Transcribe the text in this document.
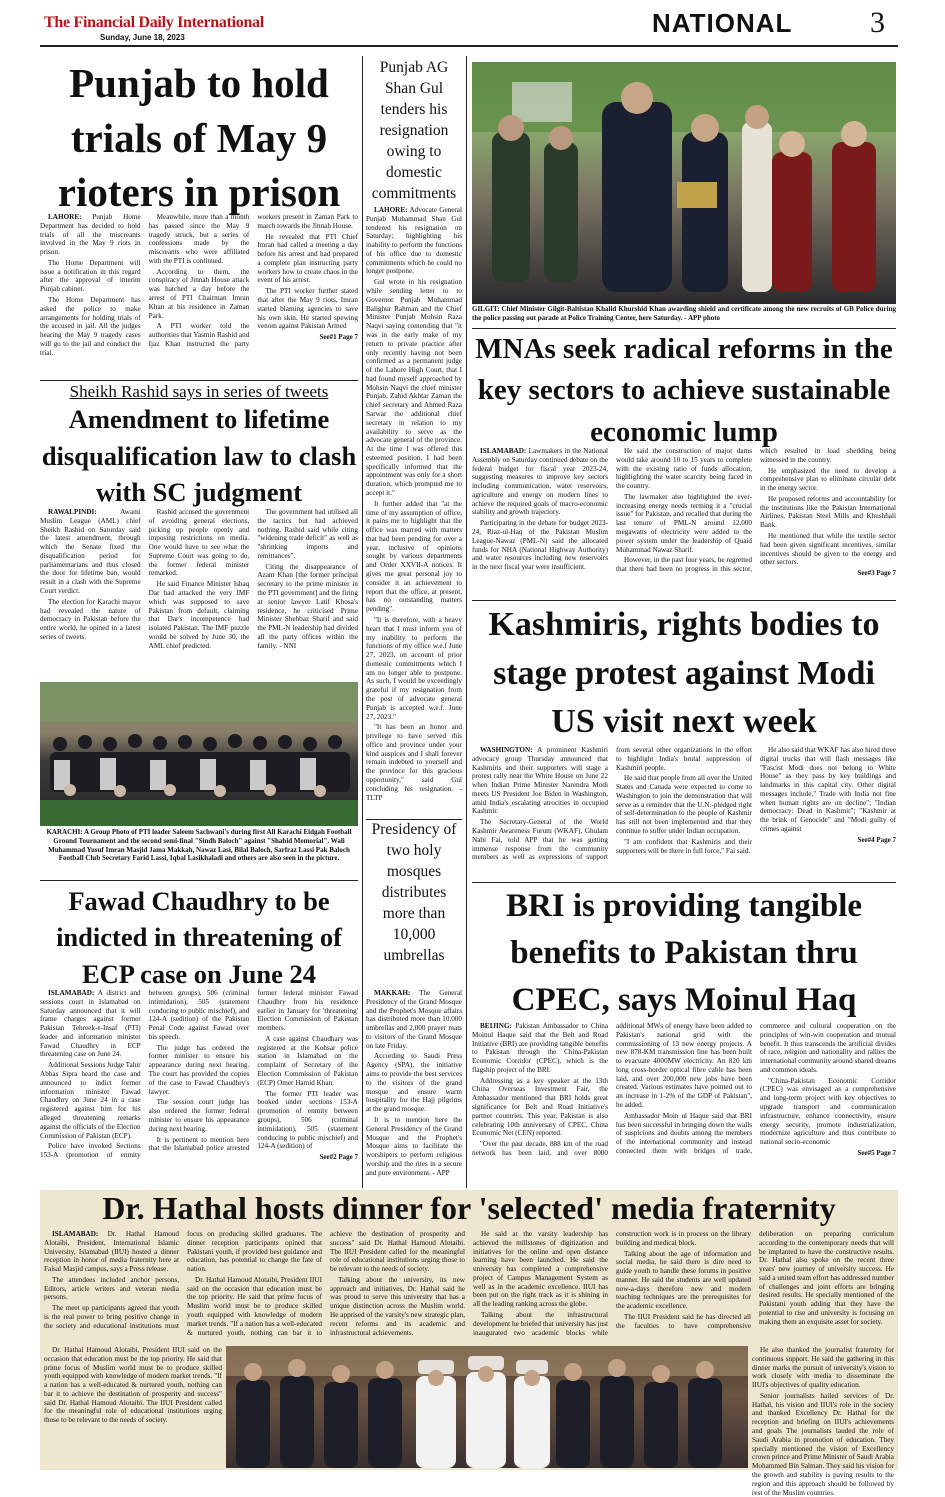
The Financial Daily International
Sunday, June 18, 2023	NATIONAL	3
Punjab to hold trials of May 9 rioters in prison

LAHORE: Punjab Home Department has decided to hold trials of all the miscreants involved in the May 9 riots in prison.

The Home Department will issue a notification in this regard after the approval of interim Punjab cabinet.

The Home Department has asked the police to make arrangements for holding trials of the accused in jail. All the judges hearing the May 9 tragedy cases will go to the jail and conduct the trial.

Meanwhile, more than a month has passed since the May 9 tragedy struck, but a series of confessions made by the miscreants who were affiliated with the PTI is continued.

According to them, the conspiracy of Jinnah House attack was hatched a day before the arrest of PTI Chairman Imran Khan at his residence in Zaman Park.

A PTI worker told the authorities that Yasmin Rashid and Ijaz Khan instructed the party workers present in Zaman Park to march towards the Jinnah House.

He revealed that PTI Chief Imran had called a meeting a day before his arrest and had prepared a complete plan instructing party workers how to create chaos in the event of his arrest.

The PTI worker further stated that after the May 9 riots, Imran started blaming agencies to save his own skin. He started spewing venom against Pakistan Armed

See#1 Page 7

Sheikh Rashid says in series of tweets
Amendment to lifetime disqualification law to clash with SC judgment

RAWALPINDI:	Awami Muslim League (AML) chief Sheikh Rashid on Saturday said the latest amendment, through which the Senate fixed the disqualification period for parliamentarians and thus closed the door for lifetime ban, would result in a clash with the Supreme Court verdict.

The election for Karachi mayor had revealed the nature of democracy in Pakistan before the entire world, he opined in a latest series of tweets.

Rashid accused the government of avoiding general elections, picking up people openly and imposing restrictions on media. One would have to see what the Supreme Court was going to do, the former federal minister remarked.

He said Finance Minister Ishaq Dar had attacked the very IMF which was supposed to save Pakistan from default, claiming that Dar's incompetence had isolated Pakistan. The IMF puzzle would be solved by June 30, the AML chief predicted.

The government had utilised all the tactics but had achieved nothing, Rashid said while citing "widening trade deficit" as well as "shrinking imports and remittances".

Citing the disappearance of Azam Khan [the former principal secretary to the prime minister in the PTI government] and the firing at senior lawyer Latif Khosa's residence, he criticised Prime Minister Shehbaz Sharif and said the PML-N leadership had divided all the party offices within the family. - NNI

KARACHI: A Group Photo of PTI leader Saleem Sachwani's during first All Karachi Eidgah Football Ground Tournament and the second semi-final "Sindh Baloch" against "Shahid Memorial". Wali Muhammad Yusuf Imran Masjid Jama Makkah, Nawaz Lasi, Bilal Baloch, Sarfraz Lassi Pak Baloch Football Club Secretary Farid Lassi, Iqbal Lasikhaladi and others are also seen in the picture.
Fawad Chaudhry to be indicted in threatening of ECP case on June 24

ISLAMABAD: A district and sessions court in Islamabad on Saturday announced that it will frame charges against former Pakistan Tehreek-e-Insaf (PTI) leader and information minister Fawad Chaudhry in ECP threatening case on June 24.

Additional Sessions Judge Tahir Abbas Sipra heard the case and announced to indict former information minister Fawad Chaudhry on June 24 in a case registered against him for his alleged threatening remarks against the officials of the Election Commission of Pakistan (ECP).

Police have invoked Sections 153-A (promotion of enmity between groups), 506 (criminal intimidation), 505 (statement conducing to public mischief), and 124-A (sedition) of the Pakistan Penal Code against Fawad over his speech.

The judge has ordered the former minister to ensure his appearance during next hearing. The court has provided the copies of the case to Fawad Chaudhry's lawyer.

The session court judge has also ordered the former federal minister to ensure his appearance during next hearing.

It is pertinent to mention here that the Islamabad police arrested former federal minister Fawad Chaudhry from his residence earlier in January for 'threatening' Election Commission of Pakistan members.

A case against Chaudhary was registered at the Kohsar police station in Islamabad on the complaint of Secretary of the Election Commission of Pakistan (ECP) Omer Hamid Khan.

The former PTI leader was booked under sections 153-A (promotion of enmity between groups), 506 (criminal intimidation), 505 (statement conducing to public mischief) and 124-A (sedition) of

See#2 Page 7

Punjab AG Shan Gul tenders his resignation owing to domestic commitments

LAHORE: Advocate General Punjab Muhammad Shan Gul tendered his resignation on Saturday; highlighting his inability to perform the functions of his office due to domestic commitments which he could no longer postpone.

Gul wrote in his resignation while sending letter to to Governor Punjab Muhammad Balighur Rahman and the Chief Minister Punjab Mohsin Raza Naqvi saying contending that "it was in the early make of my return to private practice after only recently having not been confirmed as a permanent judge of the Lahore High Court, that I had found myself approached by Mohsin Naqvi the chief minister Punjab, Zahid Akhtar Zaman the chief secretary and Ahmed Raza Sarwar the additional chief secretary in relation to my availability to serve as the advocate general of the province. At the time I was offered this esteemed position, I had been specifically informed that the appointment was only for a short duration, which prompted me to accept it."

It further added that "at the time of my assumption of office, it pains me to highlight that the office was marred with matters that had been pending for over a year, inclusive of opinions sought by various departments and Order XXVII-A notices. It gives me great personal joy to consider it an achievement to report that the office, at present, has no outstanding matters pending".

"It is therefore, with a heavy heart that I must inform you of my inability to perform the functions of my office w.e.f June 27, 2023, on account of prior domestic commitments which I am no longer able to postpone. As such, I would be exceedingly grateful if my resignation from the post of advocate general Punjab is accepted w.e.f. June 27, 2023."

"It has been an honor and privilege to have served this office and province under your kind auspices and I shall forever remain indebted to yourself and the province for this gracious opportunity," said Gul concluding his resignation. - TLTP

Presidency of two holy mosques distributes more than 10,000 umbrellas

MAKKAH: The General Presidency of the Grand Mosque and the Prophet's Mosque affairs has distributed more than 10,000 umbrellas and 2,000 prayer mats to visitors of the Grand Mosque on late Friday.

According to Saudi Press Agency (SPA), the initiative aims to provide the best services to the visitors of the grand mosque and ensure warm hospitality for the Hajj pilgrims at the grand mosque.

It is to mention here the General Presidency of the Grand Mosque and the Prophet's Mosque aims to facilitate the worshipers to perform religious worship and the rites in a secure and pure environment. - APP

GILGIT: Chief Minister Gilgit-Baltistan Khalid Khurshid Khan awarding shield and certificate among the new recruits of GB Police during the police passing out parade at Police Training Center, here Saturday. - APP photo
MNAs seek radical reforms in the key sectors to achieve sustainable economic lump

ISLAMABAD: Lawmakers in the National Assembly on Saturday continued debate on the federal budget for fiscal year 2023-24, suggesting measures to improve key sectors including communication, water reservoirs, agriculture and energy on modern lines to achieve the required goals of macro-economic stability and growth trajectory.

Participating in the debate for budget 2023-24, Riaz-ul-Haq of the Pakistan Muslim League-Nawaz (PML-N) said the allocated funds for NHA (National Highway Authority) and water resources including new reservoirs in the next fiscal year were insufficient.

He said the construction of major dams would take around 10 to 15 years to complete with the existing ratio of funds allocation, highlighting the water scarcity being faced in the country.

The lawmaker also highlighted the ever-increasing energy needs terming it a "crucial issue" for Pakistan, and recalled that during the last tenure of PML-N around 12,000 megawatts of electricity were added to the power system under the leadership of Quaid Muhammad Nawaz Sharif.

However, in the past four years, he regretted that there had been no progress in this sector, which resulted in load shedding being witnessed in the country.

He emphasized the need to develop a comprehensive plan to eliminate circular debt in the energy sector.

He proposed reforms and accountability for the institutions like the Pakistan International Airlines, Pakistan Steel Mills and Khushhali Bank.

He mentioned that while the textile sector had been given significant incentives, similar incentives should be given to the energy and other sectors.

See#3 Page 7

Kashmiris, rights bodies to stage protest against Modi US visit next week

WASHINGTON: A prominent Kashmiri advocacy group Thursday announced that Kashmiris and their supporters will stage a protest rally near the White House on June 22 when Indian Prime Minister Narendra Modi meets US President Joe Biden in Washington, amid India's escalating atrocities in occupied Kashmir.

The Secretary-General of the World Kashmir Awareness Forum (WKAF), Ghulam Nabi Fai, told APP that he was getting immense response from the community members as well as expressions of support from several other organizations in the effort to highlight India's brutal suppression of Kashmiri people.

He said that people from all over the United States and Canada were expected to come to Washington to join the demonstration that will serve as a reminder that the U.N.-pledged right of self-determination to the people of Kashmir has still not been implemented and that they continue to suffer under Indian occupation.

"I am confident that Kashmiris and their supporters will be there in full force," Fai said.

He also said that WKAF has also hired three digital trucks that will flash messages like "Fascist Modi does not belong to White House" as they pass by key buildings and landmarks in this capital city. Other digital messages include," Trade with India not fine when human rights are on decline"; "Indian democracy: Dead in Kashmir"; "Kashmir at the brink of Genocide" and "Modi guilty of crimes against

See#4 Page 7

BRI is providing tangible benefits to Pakistan thru CPEC, says Moinul Haq

BEIJING: Pakistan Ambassador to China Moinul Haque said that the Belt and Road Initiative (BRI) are providing tangible benefits to Pakistan through the China-Pakistan Economic Corridor (CPEC), which is the flagship project of the BRI.

Addressing as a key speaker at the 13th China Overseas Investment Fair, the Ambassador mentioned that BRI holds great significance for Belt and Road Initiative's partner countries. This year, Pakistan is also celebrating 10th anniversary of CPEC, China Economic Net (CEN) reported.

"Over the past decade, 888 km of the road network has been laid, and over 8000 additional MWs of energy have been added to Pakistan's national grid with the commissioning of 13 new energy projects. A new 878-KM transmission line has been built to evacuate 4000MW electricity. An 820 km long cross-border optical fibre cable has been laid, and over 200,000 new jobs have been created. Various estimates have pointed out to an increase in 1-2% of the GDP of Pakistan", he added.

Ambassador Moin ul Haque said that BRI has been successful in bringing down the walls of suspicions and doubts among the members of the international community and instead connected them with bridges of trade, commerce and cultural cooperation on the principles of win-win cooperation and mutual benefit. It thus transcends the artificial divides of race, religion and nationality and rallies the international community around shared dreams and common ideals.

"China-Pakistan Economic Corridor (CPEC) was envisaged as a comprehensive and long-term project with key objectives to upgrade transport and communication infrastructure, enhance connectivity, ensure energy security, promote industrialization, modernize agriculture and thus contribute to national socio-economic

See#5 Page 7

Dr. Hathal hosts dinner for 'selected' media fraternity

ISLAMABAD: Dr. Hathal Hamoud Alotaibi, President, International Islamic University, Islamabad (IIUI) hosted a dinner reception in honor of media fraternity here at Faisal Masjid campus, says a Press release.

The attendees included anchor persons, Editors, article writers and veteran media persons.

The meet up participants agreed that youth is the real power to bring positive change in the society and educational institutions must focus on producing skilled graduates. The dinner reception participants opined that Pakistani youth, if provided best guidance and education, has potential to change the fate of nation.

Dr. Hathal Hamoud Alotaibi, President IIUI said on the occasion that education must be the top priority. He said that prime focus of Muslim world must be to produce skilled youth equipped with knowledge of modern market trends. "If a nation has a well-educated & nurtured youth, nothing can bar it to achieve the destination of prosperity and success" said Dr. Hathal Hamoud Alotaibi. The IIUI President called for the meaningful role of educational institutions urging those to be relevant to the needs of society.

Talking about the university, its new approach and initiatives, Dr. Hathal said he was proud to serve this university that has a unique distinction across the Muslim world. He apprised of the varsity's new strategic plan, recent reforms and its academic and infrastructural achievements.

He said at the varsity leadership has achieved the millstones of digitization and initiatives for the online and open distance learning have been launched. He said the university has completed a comprehensive project of Campus Management System as well as in the academic excellence, IIUI has been put on the right track as it is shining in all the leading ranking across the globe.

Talking about the infrastructural development he briefed that university has just inaugurated two academic blocks while construction work is in process on the library building and medical block.

Talking about the age of information and social media, he said there is dire need to guide youth to handle these forums in positive manner. He said the students are well updated now-a-days therefore new and modern teaching techniques are the prerequisites for the academic excellence.

The IIUI President said he has directed all the faculties to have comprehensive deliberation on preparing curriculum according to the contemporary needs that will be implanted to have the constructive results. Dr. Hathal also spoke on the recent three years' new journey of university success. He said a united team effort has addressed number of challenges and joint efforts are bringing desired results. He specially mentioned of the Pakistani youth adding that they have the potential to rise and university is focusing on making them an exquisite asset for society.

Dr. Hathal Hamoud Alotaibi, President IIUI said on the occasion that education must be the top priority. He said that prime focus of Muslim world must be to produce skilled youth equipped with knowledge of modern market trends. "If a nation has a well-educated & nurtured youth, nothing can bar it to achieve the destination of prosperity and success" said Dr. Hathal Hamoud Alotaibi. The IIUI President called for the meaningful role of educational institutions urging those to be relevant to the needs of society.

He also thanked the journalist fraternity for continuous support. He said the gathering in this dinner marks the pursuit of university's vision to work closely with media to disseminate the IIUI's objectives of quality education.

Senior journalists hailed services of Dr. Hathal, his vision and IIUI's role in the society and thanked Excellency Dr. Hathal for the reception and briefing on IIUI's achievements and goals The journalists lauded the role of Saudi Arabia in promotion of education. They specially mentioned the vision of Excellency crown prince and Prime Minister of Saudi Arabia Mohammed Bin Salman. They said his vision for the growth and stability is paving results to the region and this approach should be followed by rest of the Muslim countries.
